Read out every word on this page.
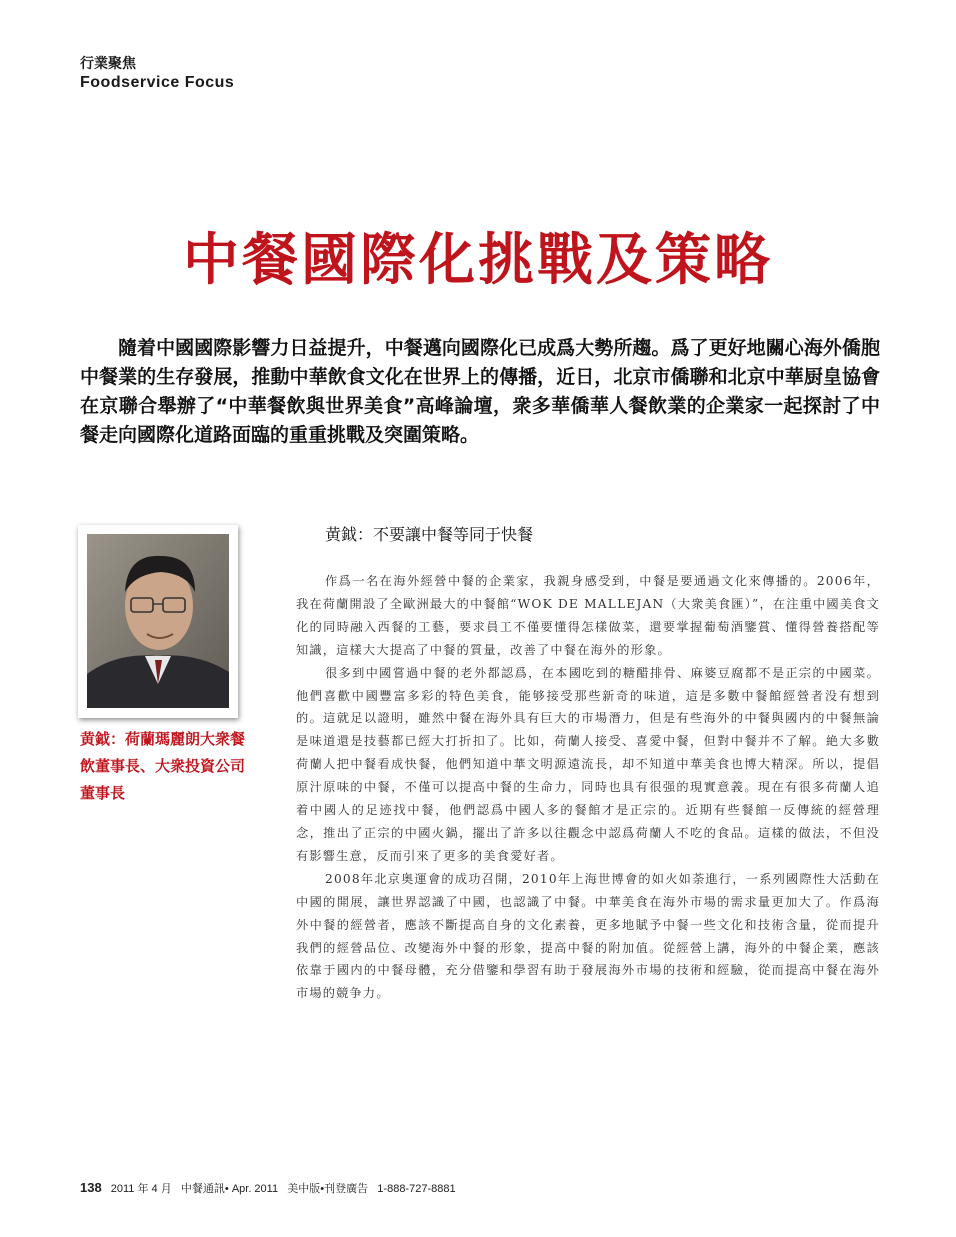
行業聚焦
Foodservice Focus
中餐國際化挑戰及策略
隨着中國國際影響力日益提升，中餐邁向國際化已成爲大勢所趨。爲了更好地關心海外僑胞中餐業的生存發展，推動中華飲食文化在世界上的傳播，近日，北京市僑聯和北京中華厨皇協會在京聯合舉辦了“中華餐飲與世界美食”高峰論壇，衆多華僑華人餐飲業的企業家一起探討了中餐走向國際化道路面臨的重重挑戰及突圍策略。
黄鉞：荷蘭瑪麗朗大衆餐飲董事長、大衆投資公司董事長
黄鉞：不要讓中餐等同于快餐

作爲一名在海外經營中餐的企業家，我親身感受到，中餐是要通過文化來傳播的。2006年，我在荷蘭開設了全歐洲最大的中餐館“WOK DE MALLEJAN（大衆美食匯）”，在注重中國美食文化的同時融入西餐的工藝，要求員工不僅要懂得怎樣做菜，還要掌握葡萄酒鑒賞、懂得營養搭配等知識，這樣大大提高了中餐的質量，改善了中餐在海外的形象。

很多到中國嘗過中餐的老外都認爲，在本國吃到的糖醋排骨、麻婆豆腐都不是正宗的中國菜。他們喜歡中國豐富多彩的特色美食，能够接受那些新奇的味道，這是多數中餐館經營者没有想到的。這就足以證明，雖然中餐在海外具有巨大的市場潛力，但是有些海外的中餐與國内的中餐無論是味道還是技藝都已經大打折扣了。比如，荷蘭人接受、喜愛中餐，但對中餐并不了解。絶大多數荷蘭人把中餐看成快餐，他們知道中華文明源遠流長，却不知道中華美食也博大精深。所以，提倡原汁原味的中餐，不僅可以提高中餐的生命力，同時也具有很强的現實意義。現在有很多荷蘭人追着中國人的足迹找中餐，他們認爲中國人多的餐館才是正宗的。近期有些餐館一反傳統的經營理念，推出了正宗的中國火鍋，擺出了許多以往觀念中認爲荷蘭人不吃的食品。這樣的做法，不但没有影響生意，反而引來了更多的美食愛好者。

2008年北京奥運會的成功召開，2010年上海世博會的如火如荼進行，一系列國際性大活動在中國的開展，讓世界認識了中國，也認識了中餐。中華美食在海外市場的需求量更加大了。作爲海外中餐的經營者，應該不斷提高自身的文化素養，更多地賦予中餐一些文化和技術含量，從而提升我們的經營品位、改變海外中餐的形象，提高中餐的附加值。從經營上講，海外的中餐企業，應該依靠于國内的中餐母體，充分借鑒和學習有助于發展海外市場的技術和經驗，從而提高中餐在海外市場的競争力。

138 2011 年 4 月 中餐通訊• Apr. 2011 美中版•刊登廣告 1-888-727-8881
